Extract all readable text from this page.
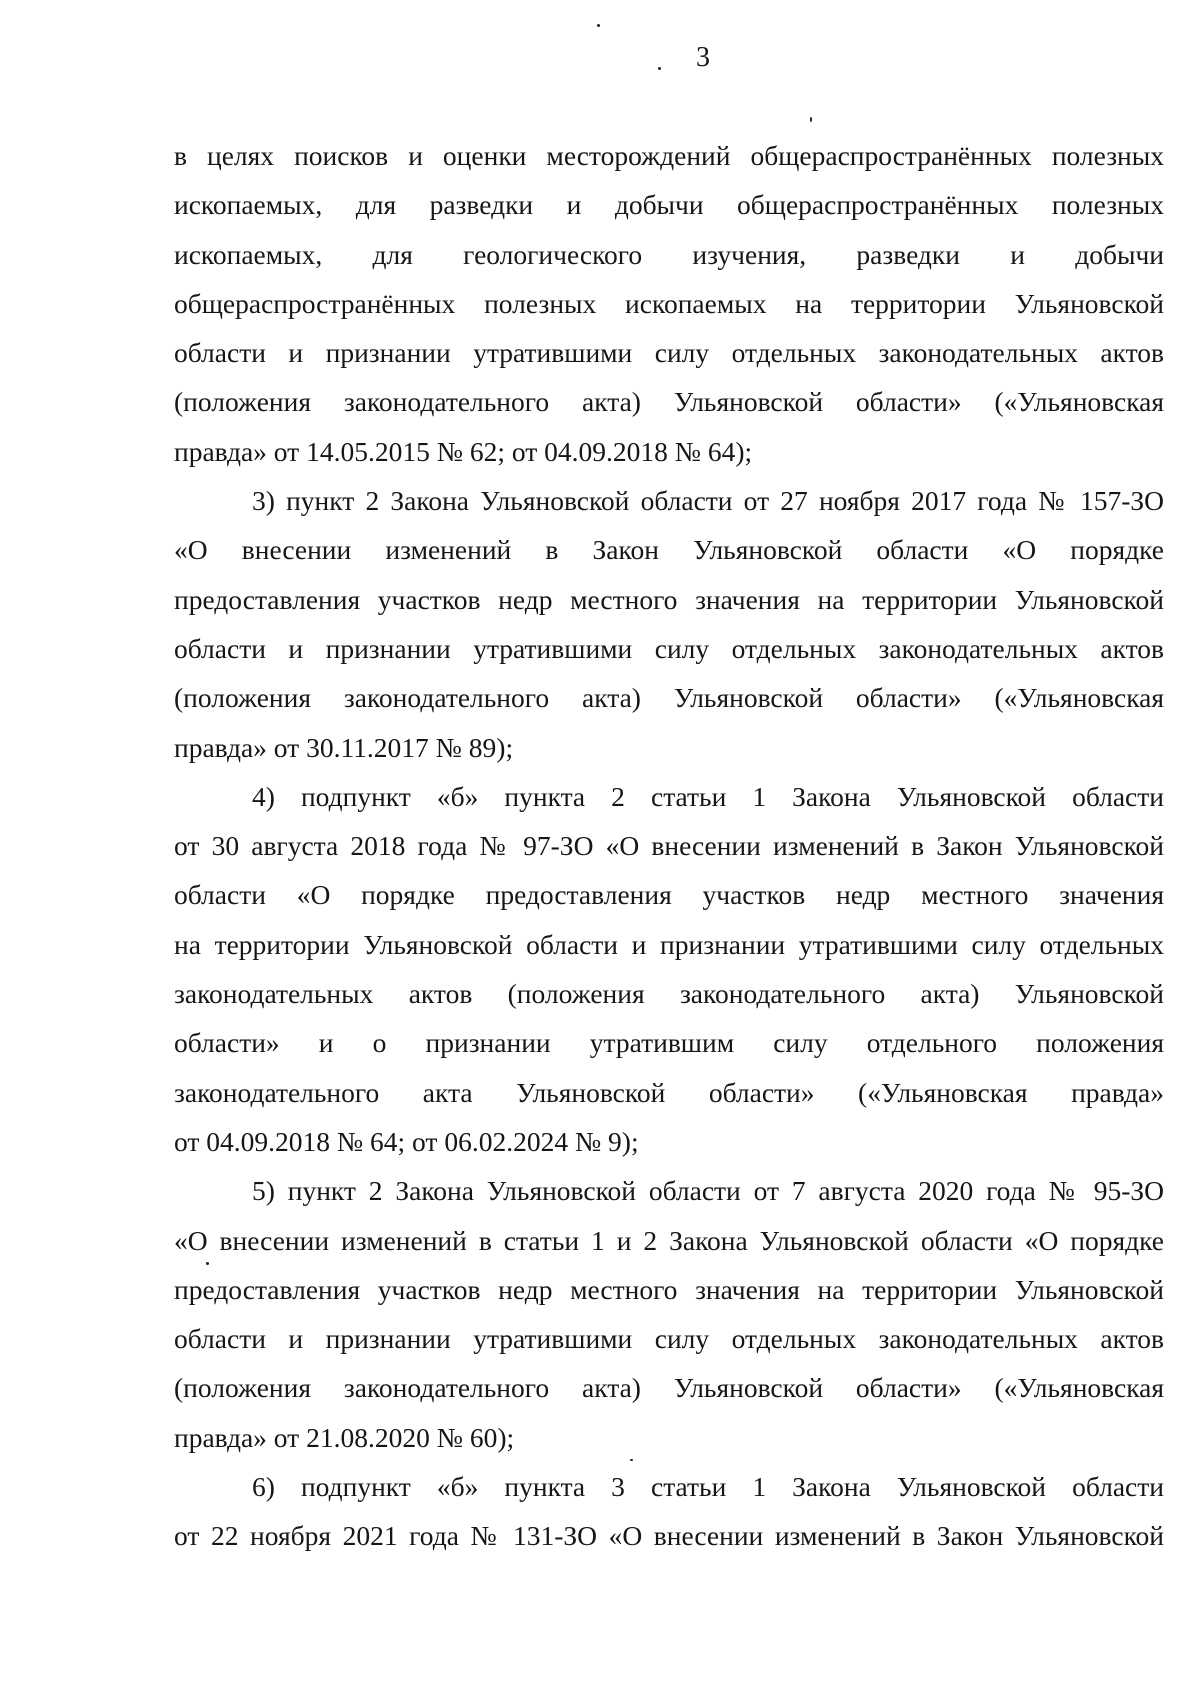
3
в целях поисков и оценки месторождений общераспространённых полезных
ископаемых, для разведки и добычи общераспространённых полезных
ископаемых, для геологического изучения, разведки и добычи
общераспространённых полезных ископаемых на территории Ульяновской
области и признании утратившими силу отдельных законодательных актов
(положения законодательного акта) Ульяновской области» («Ульяновская
правда» от 14.05.2015 № 62; от 04.09.2018 № 64);
3) пункт 2 Закона Ульяновской области от 27 ноября 2017 года № 157-ЗО
«О внесении изменений в Закон Ульяновской области «О порядке
предоставления участков недр местного значения на территории Ульяновской
области и признании утратившими силу отдельных законодательных актов
(положения законодательного акта) Ульяновской области» («Ульяновская
правда» от 30.11.2017 № 89);
4) подпункт «б» пункта 2 статьи 1 Закона Ульяновской области
от 30 августа 2018 года № 97-ЗО «О внесении изменений в Закон Ульяновской
области «О порядке предоставления участков недр местного значения
на территории Ульяновской области и признании утратившими силу отдельных
законодательных актов (положения законодательного акта) Ульяновской
области» и о признании утратившим силу отдельного положения
законодательного акта Ульяновской области» («Ульяновская правда»
от 04.09.2018 № 64; от 06.02.2024 № 9);
5) пункт 2 Закона Ульяновской области от 7 августа 2020 года № 95-ЗО
«О внесении изменений в статьи 1 и 2 Закона Ульяновской области «О порядке
предоставления участков недр местного значения на территории Ульяновской
области и признании утратившими силу отдельных законодательных актов
(положения законодательного акта) Ульяновской области» («Ульяновская
правда» от 21.08.2020 № 60);
6) подпункт «б» пункта 3 статьи 1 Закона Ульяновской области
от 22 ноября 2021 года № 131-ЗО «О внесении изменений в Закон Ульяновской
